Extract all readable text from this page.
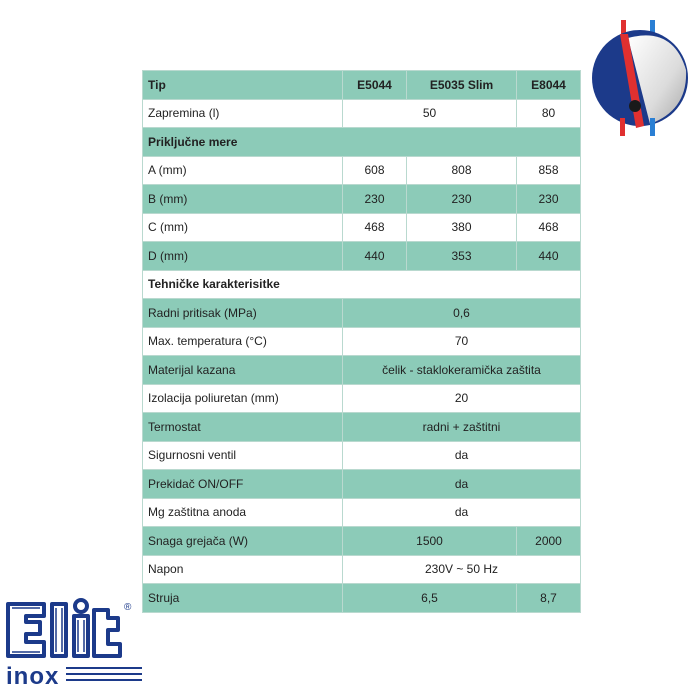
Tip	E5044	E5035 Slim	E8044
Zapremina (l)	50		80
Priključne mere			
A (mm)	608	808	858
B (mm)	230	230	230
C (mm)	468	380	468
D (mm)	440	353	440
Tehničke karakterisitke			
Radni pritisak (MPa)	0,6		
Max. temperatura (°C)	70		
Materijal kazana	čelik - staklokeramička zaštita		
Izolacija poliuretan (mm)	20		
Termostat	radni + zaštitni		
Sigurnosni ventil	da		
Prekidač ON/OFF	da		
Mg zaštitna anoda	da		
Snaga grejača (W)	1500		2000
Napon	230V ~ 50 Hz		
Struja	6,5		8,7
®
inox
